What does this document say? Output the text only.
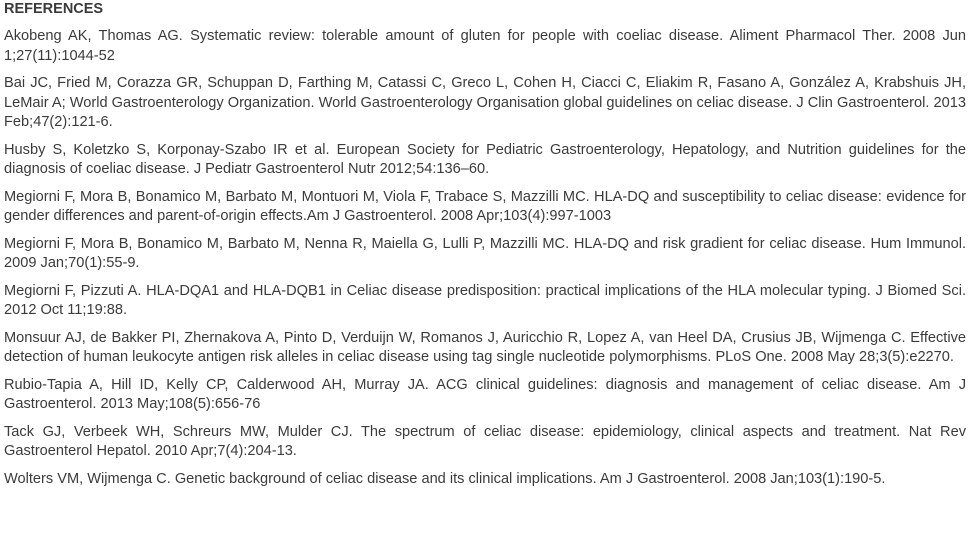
REFERENCES
Akobeng AK, Thomas AG. Systematic review: tolerable amount of gluten for people with coeliac disease. Aliment Pharmacol Ther. 2008 Jun 1;27(11):1044-52
Bai JC, Fried M, Corazza GR, Schuppan D, Farthing M, Catassi C, Greco L, Cohen H, Ciacci C, Eliakim R, Fasano A, González A, Krabshuis JH, LeMair A; World Gastroenterology Organization. World Gastroenterology Organisation global guidelines on celiac disease. J Clin Gastroenterol. 2013 Feb;47(2):121-6.
Husby S, Koletzko S, Korponay-Szabo IR et al. European Society for Pediatric Gastroenterology, Hepatology, and Nutrition guidelines for the diagnosis of coeliac disease. J Pediatr Gastroenterol Nutr 2012;54:136–60.
Megiorni F, Mora B, Bonamico M, Barbato M, Montuori M, Viola F, Trabace S, Mazzilli MC. HLA-DQ and susceptibility to celiac disease: evidence for gender differences and parent-of-origin effects.Am J Gastroenterol. 2008 Apr;103(4):997-1003
Megiorni F, Mora B, Bonamico M, Barbato M, Nenna R, Maiella G, Lulli P, Mazzilli MC. HLA-DQ and risk gradient for celiac disease. Hum Immunol. 2009 Jan;70(1):55-9.
Megiorni F, Pizzuti A. HLA-DQA1 and HLA-DQB1 in Celiac disease predisposition: practical implications of the HLA molecular typing. J Biomed Sci. 2012 Oct 11;19:88.
Monsuur AJ, de Bakker PI, Zhernakova A, Pinto D, Verduijn W, Romanos J, Auricchio R, Lopez A, van Heel DA, Crusius JB, Wijmenga C. Effective detection of human leukocyte antigen risk alleles in celiac disease using tag single nucleotide polymorphisms. PLoS One. 2008 May 28;3(5):e2270.
Rubio-Tapia A, Hill ID, Kelly CP, Calderwood AH, Murray JA. ACG clinical guidelines: diagnosis and management of celiac disease. Am J Gastroenterol. 2013 May;108(5):656-76
Tack GJ, Verbeek WH, Schreurs MW, Mulder CJ. The spectrum of celiac disease: epidemiology, clinical aspects and treatment. Nat Rev Gastroenterol Hepatol. 2010 Apr;7(4):204-13.
Wolters VM, Wijmenga C. Genetic background of celiac disease and its clinical implications. Am J Gastroenterol. 2008 Jan;103(1):190-5.
